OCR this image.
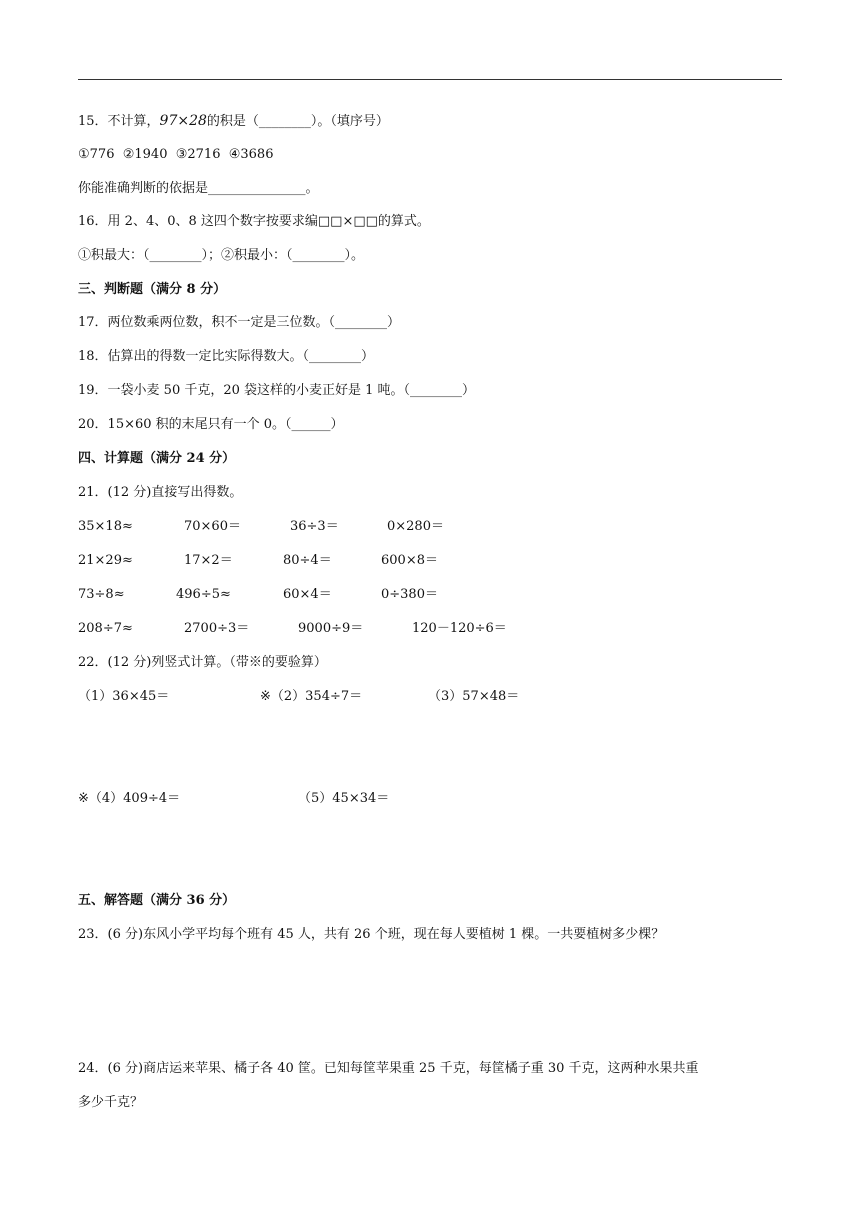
15．不计算，97×28的积是（________）。（填序号）
①776  ②1940  ③2716  ④3686
你能准确判断的依据是_______________。
16．用 2、4、0、8 这四个数字按要求编□□×□□的算式。
①积最大：（________）；②积最小：（________）。
三、判断题（满分 8 分）
17．两位数乘两位数，积不一定是三位数。（________）
18．估算出的得数一定比实际得数大。（________）
19．一袋小麦 50 千克，20 袋这样的小麦正好是 1 吨。（________）
20．15×60 积的末尾只有一个 0。（______）
四、计算题（满分 24 分）
21．(12 分)直接写出得数。
35×18≈	70×60＝	36÷3＝	0×280＝
21×29≈	17×2＝	80÷4＝	600×8＝
73÷8≈	496÷5≈	60×4＝	0÷380＝
208÷7≈	2700÷3＝	9000÷9＝	120－120÷6＝
22．(12 分)列竖式计算。（带※的要验算）
（1）36×45＝	※（2）354÷7＝	（3）57×48＝
※（4）409÷4＝	（5）45×34＝
五、解答题（满分 36 分）
23．(6 分)东风小学平均每个班有 45 人，共有 26 个班，现在每人要植树 1 棵。一共要植树多少棵？
24．(6 分)商店运来苹果、橘子各 40 筐。已知每筐苹果重 25 千克，每筐橘子重 30 千克，这两种水果共重
多少千克？
